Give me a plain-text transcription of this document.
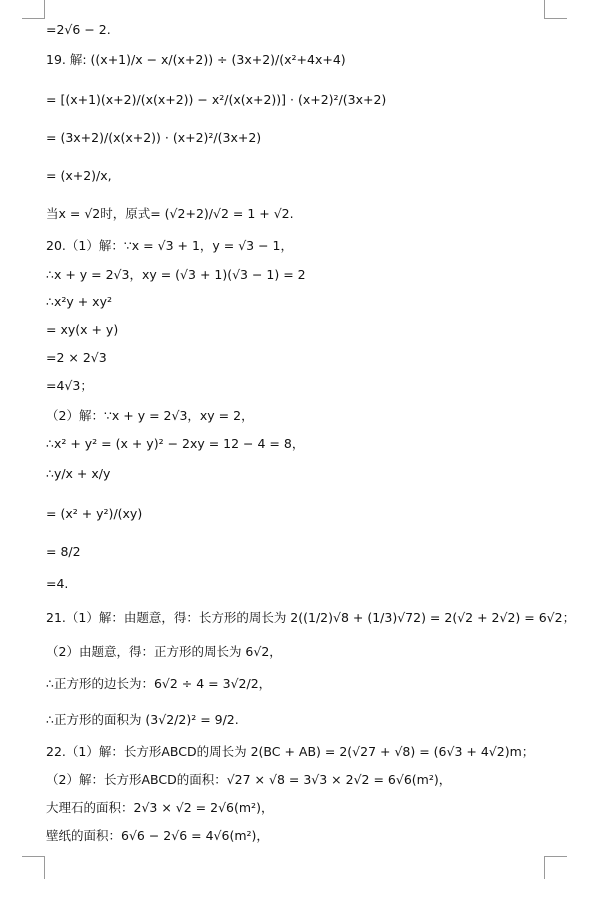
=2√6 − 2.
19. 解: ((x+1)/x − x/(x+2)) ÷ (3x+2)/(x²+4x+4)
= [(x+1)(x+2)/(x(x+2)) − x²/(x(x+2))] · (x+2)²/(3x+2)
= (3x+2)/(x(x+2)) · (x+2)²/(3x+2)
= (x+2)/x,
当x = √2时，原式= (√2+2)/√2 = 1 + √2.
20.（1）解：∵x = √3 + 1，y = √3 − 1，
∴x + y = 2√3，xy = (√3 + 1)(√3 − 1) = 2
∴x²y + xy²
= xy(x + y)
=2 × 2√3
=4√3；
（2）解：∵x + y = 2√3，xy = 2，
∴x² + y² = (x + y)² − 2xy = 12 − 4 = 8，
∴y/x + x/y
= (x² + y²)/(xy)
= 8/2
=4.
21.（1）解：由题意，得：长方形的周长为 2((1/2)√8 + (1/3)√72) = 2(√2 + 2√2) = 6√2；
（2）由题意，得：正方形的周长为 6√2，
∴正方形的边长为：6√2 ÷ 4 = 3√2/2，
∴正方形的面积为 (3√2/2)² = 9/2.
22.（1）解：长方形ABCD的周长为 2(BC + AB) = 2(√27 + √8) = (6√3 + 4√2)m；
（2）解：长方形ABCD的面积：√27 × √8 = 3√3 × 2√2 = 6√6(m²)，
大理石的面积：2√3 × √2 = 2√6(m²)，
壁纸的面积：6√6 − 2√6 = 4√6(m²)，
